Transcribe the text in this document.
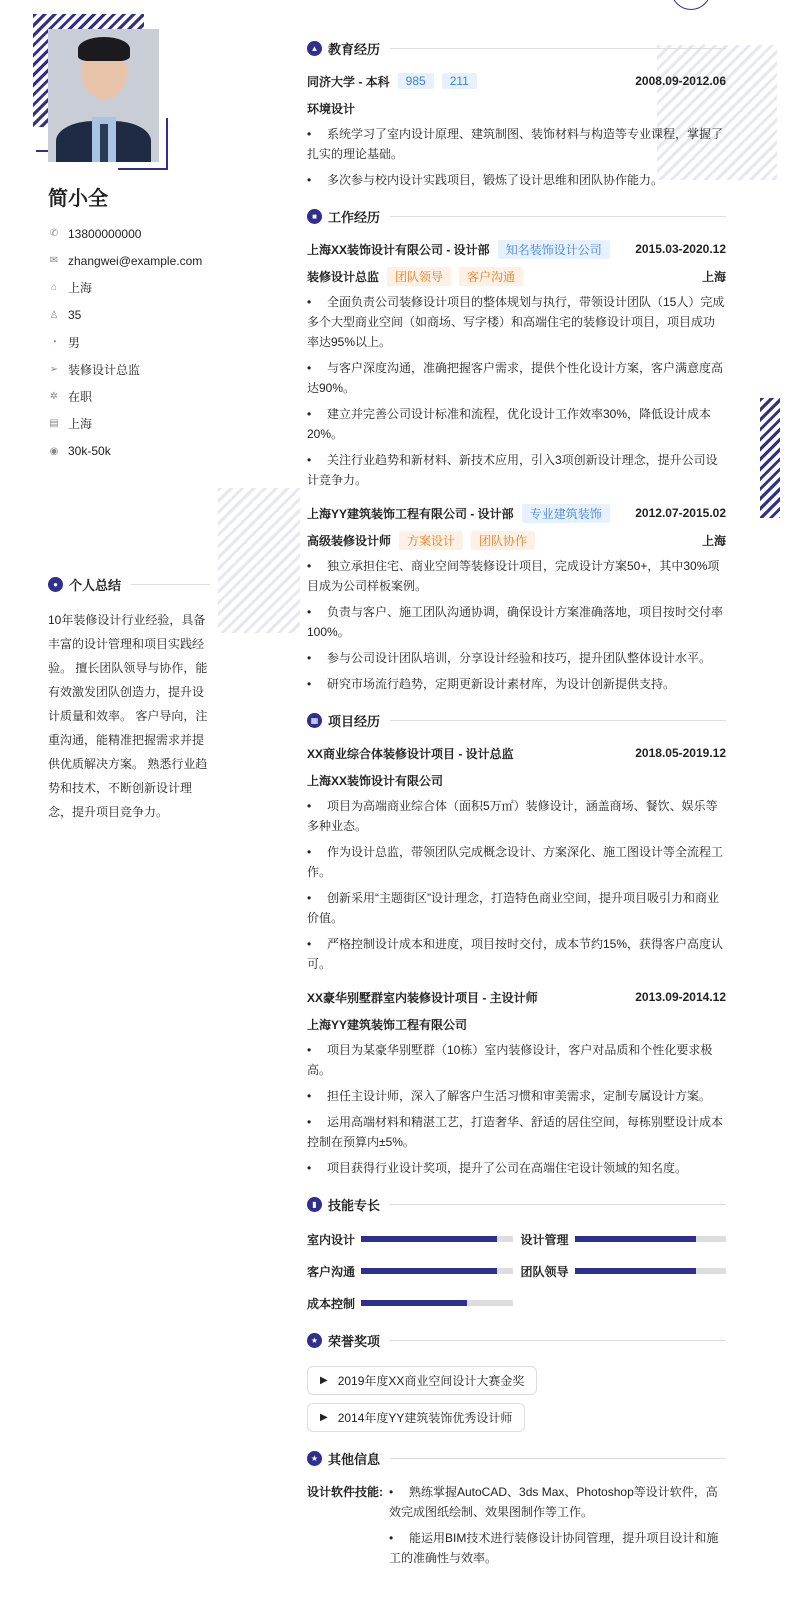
简小全
✆ 13800000000
✉ zhangwei@example.com
⌂ 上海
♙ 35
◔ 男
➢ 装修设计总监
✲ 在职
▤ 上海
◉ 30k-50k
● 个人总结

10年装修设计行业经验，具备丰富的设计管理和项目实践经验。 擅长团队领导与协作，能有效激发团队创造力，提升设计质量和效率。 客户导向，注重沟通，能精准把握需求并提供优质解决方案。 熟悉行业趋势和技术，不断创新设计理念，提升项目竞争力。

▲ 教育经历
同济大学 - 本科	985	211	2008.09-2012.06
环境设计
• 系统学习了室内设计原理、建筑制图、装饰材料与构造等专业课程，掌握了扎实的理论基础。
• 多次参与校内设计实践项目，锻炼了设计思维和团队协作能力。
■ 工作经历
上海XX装饰设计有限公司 - 设计部	知名装饰设计公司	2015.03-2020.12
装修设计总监	团队领导	客户沟通	上海
• 全面负责公司装修设计项目的整体规划与执行，带领设计团队（15人）完成多个大型商业空间（如商场、写字楼）和高端住宅的装修设计项目，项目成功率达95%以上。
• 与客户深度沟通，准确把握客户需求，提供个性化设计方案，客户满意度高达90%。
• 建立并完善公司设计标准和流程，优化设计工作效率30%，降低设计成本20%。
• 关注行业趋势和新材料、新技术应用，引入3项创新设计理念，提升公司设计竞争力。
上海YY建筑装饰工程有限公司 - 设计部	专业建筑装饰	2012.07-2015.02
高级装修设计师	方案设计	团队协作	上海
• 独立承担住宅、商业空间等装修设计项目，完成设计方案50+，其中30%项目成为公司样板案例。
• 负责与客户、施工团队沟通协调，确保设计方案准确落地，项目按时交付率100%。
• 参与公司设计团队培训，分享设计经验和技巧，提升团队整体设计水平。
• 研究市场流行趋势，定期更新设计素材库，为设计创新提供支持。
▦ 项目经历
XX商业综合体装修设计项目 - 设计总监	2018.05-2019.12
上海XX装饰设计有限公司
• 项目为高端商业综合体（面积5万㎡）装修设计，涵盖商场、餐饮、娱乐等多种业态。
• 作为设计总监，带领团队完成概念设计、方案深化、施工图设计等全流程工作。
• 创新采用“主题街区”设计理念，打造特色商业空间，提升项目吸引力和商业价值。
• 严格控制设计成本和进度，项目按时交付，成本节约15%，获得客户高度认可。
XX豪华别墅群室内装修设计项目 - 主设计师	2013.09-2014.12
上海YY建筑装饰工程有限公司
• 项目为某豪华别墅群（10栋）室内装修设计，客户对品质和个性化要求极高。
• 担任主设计师，深入了解客户生活习惯和审美需求，定制专属设计方案。
• 运用高端材料和精湛工艺，打造奢华、舒适的居住空间，每栋别墅设计成本控制在预算内±5%。
• 项目获得行业设计奖项，提升了公司在高端住宅设计领域的知名度。
▮ 技能专长
室内设计	设计管理
客户沟通	团队领导
成本控制
★ 荣誉奖项
▶ 2019年度XX商业空间设计大赛金奖
▶ 2014年度YY建筑装饰优秀设计师
★ 其他信息
设计软件技能:	• 熟练掌握AutoCAD、3ds Max、Photoshop等设计软件，高效完成图纸绘制、效果图制作等工作。
• 能运用BIM技术进行装修设计协同管理，提升项目设计和施工的准确性与效率。
